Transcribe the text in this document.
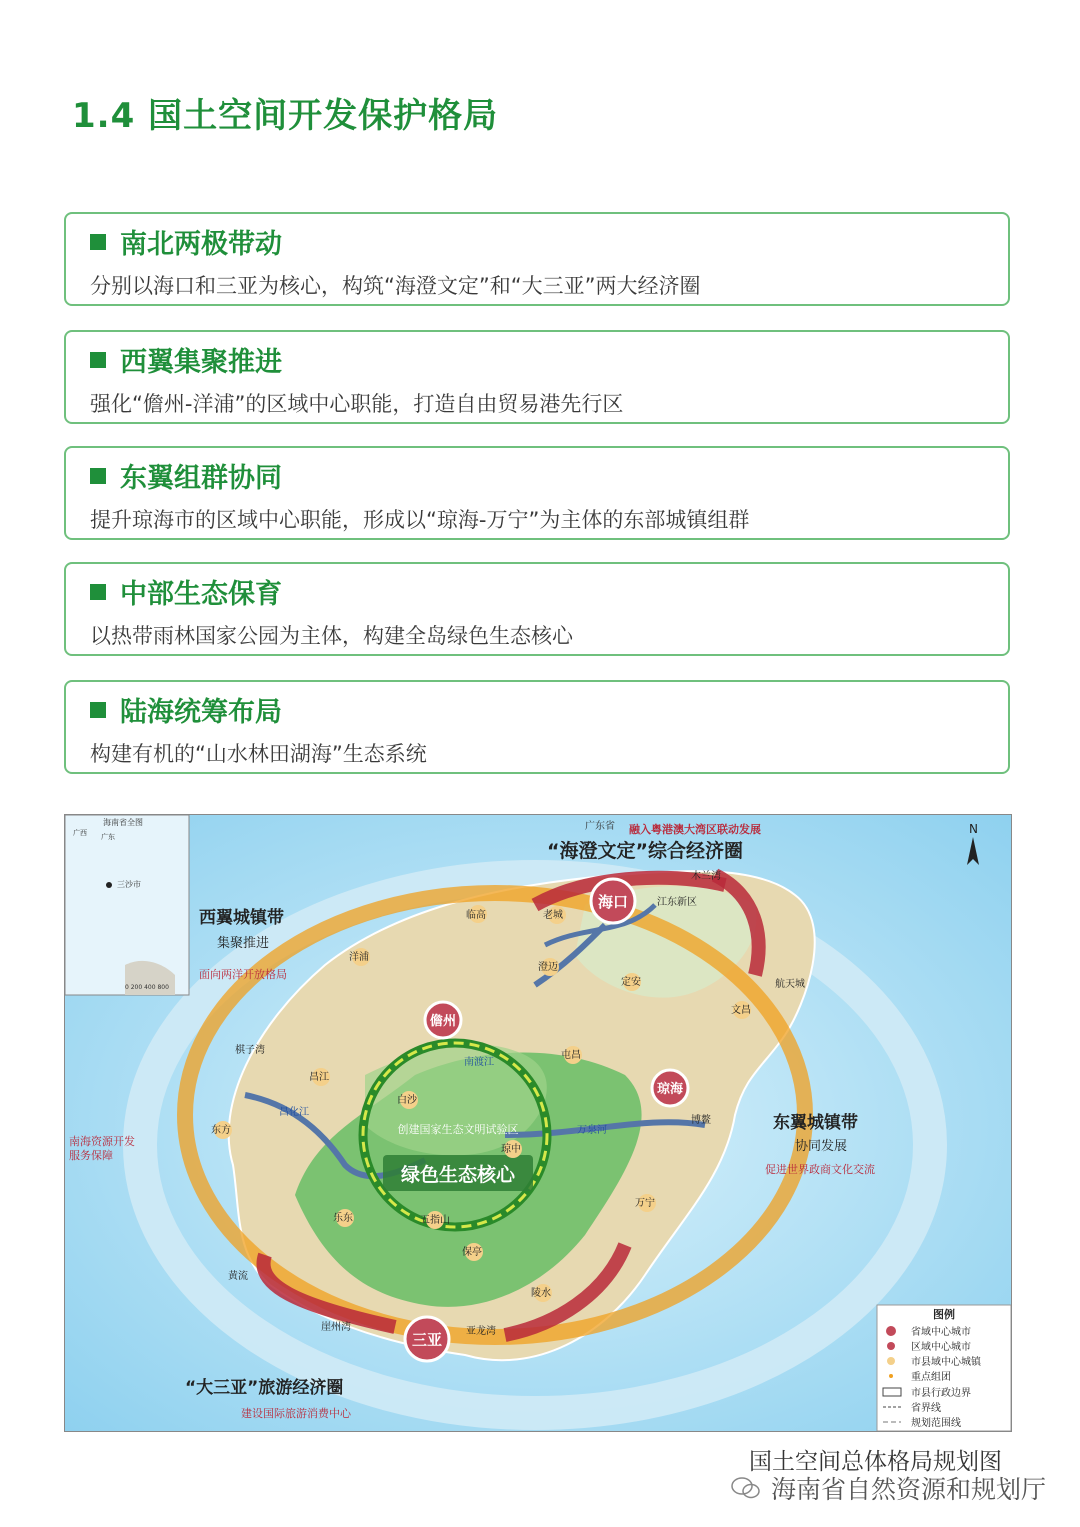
1.4 国土空间开发保护格局
南北两极带动
分别以海口和三亚为核心，构筑“海澄文定”和“大三亚”两大经济圈
西翼集聚推进
强化“儋州-洋浦”的区域中心职能，打造自由贸易港先行区
东翼组群协同
提升琼海市的区域中心职能，形成以“琼海-万宁”为主体的东部城镇组群
中部生态保育
以热带雨林国家公园为主体，构建全岛绿色生态核心
陆海统筹布局
构建有机的“山水林田湖海”生态系统
绿色生态核心
创建国家生态文明试验区
海口
三亚
儋州
琼海
老城
江东新区
木兰湾
临高
澄迈
定安
文昌
航天城
洋浦
屯昌
棋子湾
昌江
白沙
东方
琼中
博鳌
万宁
乐东	五指山
保亭
黄流
陵水
崖州湾	亚龙湾
南渡江
昌化江
万泉河
广东省 融入粤港澳大湾区联动发展
“海澄文定”综合经济圈
西翼城镇带
集聚推进
面向两洋开放格局
东翼城镇带
协同发展
促进世界政商文化交流
“大三亚”旅游经济圈
建设国际旅游消费中心
南海资源开发服务保障
N
海南省全图
广西 广东
三沙市
0 200 400 800
图例
省域中心城市
区域中心城市
市县域中心城镇
重点组团
市县行政边界
省界线
规划范围线
国土空间总体格局规划图
海南省自然资源和规划厅
